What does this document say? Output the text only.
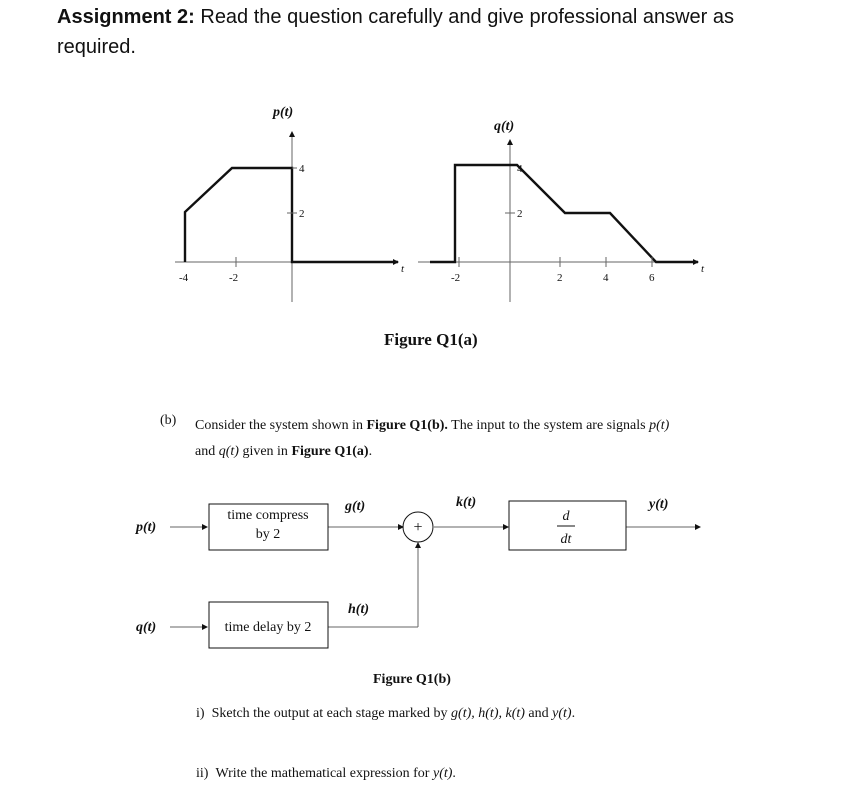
Assignment 2: Read the question carefully and give professional answer as required.
p(t)
4
2
-4	-2
t
q(t)
4
2
-2	2	4	6
t
Figure Q1(a)
(b) Consider the system shown in Figure Q1(b). The input to the system are signals p(t)
and q(t) given in Figure Q1(a).
p(t)
q(t)
time compress
by 2
time delay by 2
+
d
dt
g(t)
h(t)
k(t)	y(t)
Figure Q1(b)
i) Sketch the output at each stage marked by g(t), h(t), k(t) and y(t).
ii) Write the mathematical expression for y(t).
